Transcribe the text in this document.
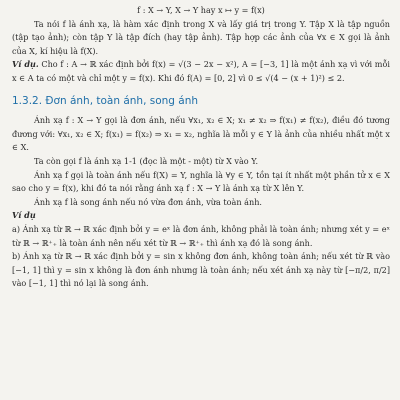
f : X → Y, X → Y hay x ↦ y = f(x)

Ta nói f là ánh xạ, là hàm xác định trong X và lấy giá trị trong Y. Tập X là tập nguồn (tập tạo ảnh); còn tập Y là tập đích (hay tập ảnh). Tập hợp các ảnh của ∀x ∈ X gọi là ảnh của X, kí hiệu là f(X).

Ví dụ. Cho f : A → ℝ xác định bởi f(x) = √(3 − 2x − x²), A = [−3, 1] là một ánh xạ vì với mỗi x ∈ A ta có một và chỉ một y = f(x). Khi đó f(A) = [0, 2] vì 0 ≤ √(4 − (x + 1)²) ≤ 2.

1.3.2. Đơn ánh, toàn ánh, song ánh

Ánh xạ f : X → Y gọi là đơn ánh, nếu ∀x₁, x₂ ∈ X; x₁ ≠ x₂ ⇒ f(x₁) ≠ f(x₂), điều đó tương đương với: ∀x₁, x₂ ∈ X; f(x₁) = f(x₂) ⇒ x₁ = x₂, nghĩa là mỗi y ∈ Y là ảnh của nhiều nhất một x ∈ X.

Ta còn gọi f là ánh xạ 1-1 (đọc là một - một) từ X vào Y.

Ánh xạ f gọi là toàn ánh nếu f(X) = Y, nghĩa là ∀y ∈ Y, tồn tại ít nhất một phần tử x ∈ X sao cho y = f(x), khi đó ta nói rằng ánh xạ f : X → Y là ánh xạ từ X lên Y.

Ánh xạ f là song ánh nếu nó vừa đơn ánh, vừa toàn ánh.

Ví dụ

a) Ánh xạ từ ℝ → ℝ xác định bởi y = eˣ là đơn ánh, không phải là toàn ánh; nhưng xét y = eˣ từ ℝ → ℝ⁺₊ là toàn ánh nên nếu xét từ ℝ → ℝ⁺₊ thì ánh xạ đó là song ánh.

b) Ánh xạ từ ℝ → ℝ xác định bởi y = sin x không đơn ánh, không toàn ánh; nếu xét từ ℝ vào [−1, 1] thì y = sin x không là đơn ánh nhưng là toàn ánh; nếu xét ánh xạ này từ [−π/2, π/2] vào [−1, 1] thì nó lại là song ánh.
